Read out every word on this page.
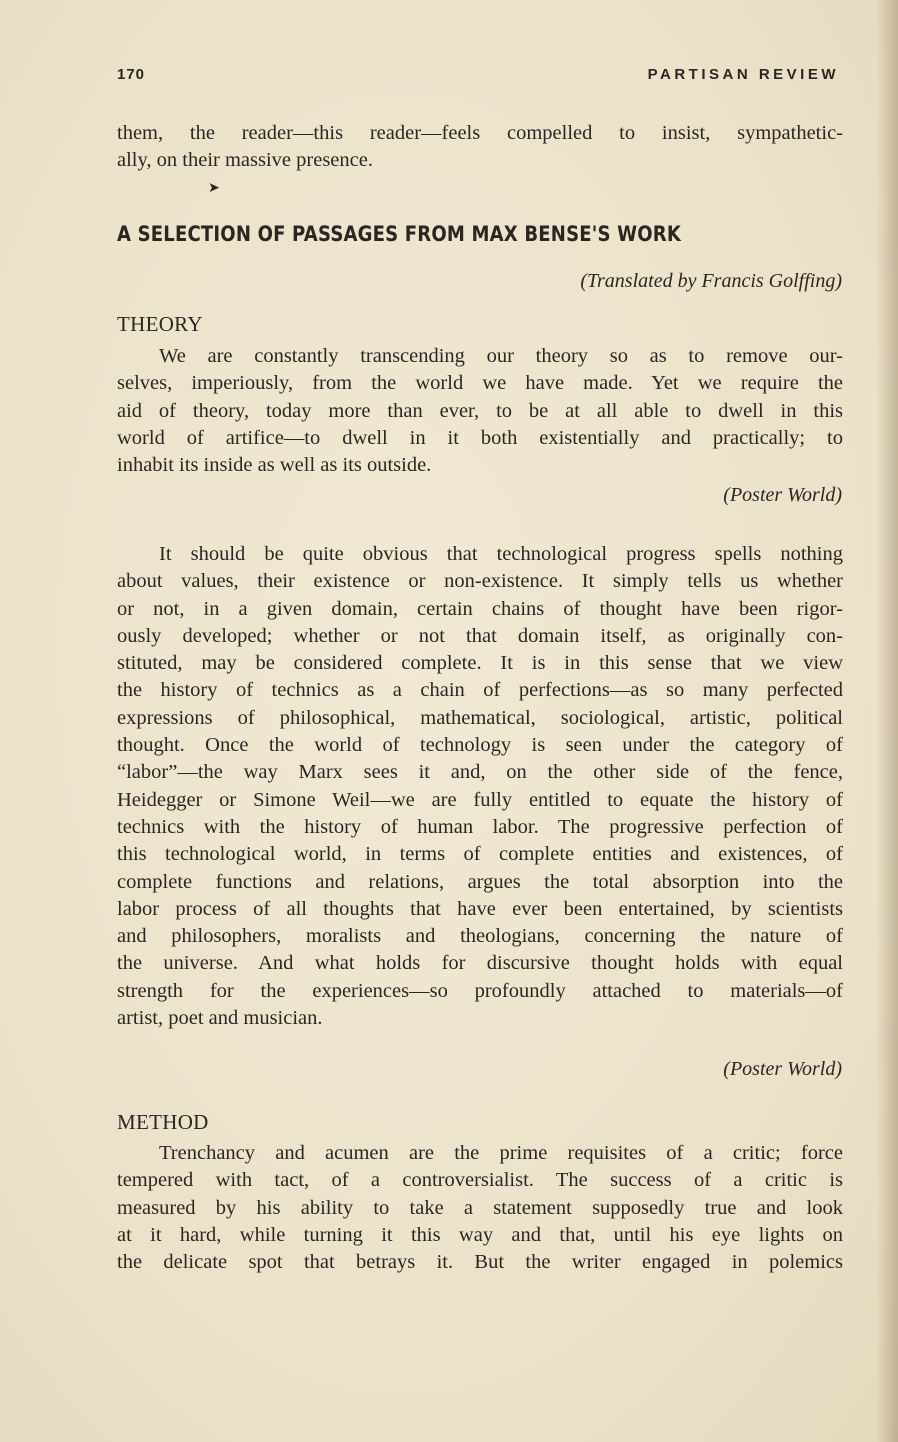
170	PARTISAN REVIEW

them, the reader—this reader—feels compelled to insist, sympathetic-
ally, on their massive presence.

➤
A SELECTION OF PASSAGES FROM MAX BENSE'S WORK
(Translated by Francis Golffing)
THEORY

We are constantly transcending our theory so as to remove our-
selves, imperiously, from the world we have made. Yet we require the
aid of theory, today more than ever, to be at all able to dwell in this
world of artifice—to dwell in it both existentially and practically; to
inhabit its inside as well as its outside.

(Poster World)

It should be quite obvious that technological progress spells nothing
about values, their existence or non-existence. It simply tells us whether
or not, in a given domain, certain chains of thought have been rigor-
ously developed; whether or not that domain itself, as originally con-
stituted, may be considered complete. It is in this sense that we view
the history of technics as a chain of perfections—as so many perfected
expressions of philosophical, mathematical, sociological, artistic, political
thought. Once the world of technology is seen under the category of
“labor”—the way Marx sees it and, on the other side of the fence,
Heidegger or Simone Weil—we are fully entitled to equate the history of
technics with the history of human labor. The progressive perfection of
this technological world, in terms of complete entities and existences, of
complete functions and relations, argues the total absorption into the
labor process of all thoughts that have ever been entertained, by scientists
and philosophers, moralists and theologians, concerning the nature of
the universe. And what holds for discursive thought holds with equal
strength for the experiences—so profoundly attached to materials—of
artist, poet and musician.

(Poster World)
METHOD

Trenchancy and acumen are the prime requisites of a critic; force
tempered with tact, of a controversialist. The success of a critic is
measured by his ability to take a statement supposedly true and look
at it hard, while turning it this way and that, until his eye lights on
the delicate spot that betrays it. But the writer engaged in polemics
